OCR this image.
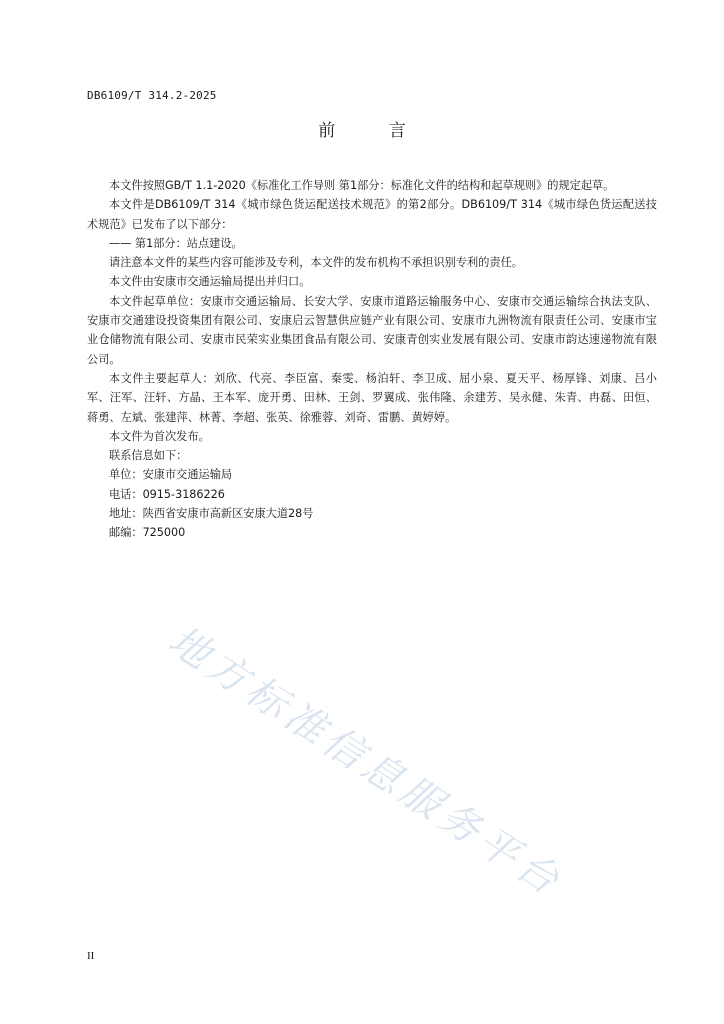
DB6109/T 314.2-2025
前 言

本文件按照GB/T 1.1-2020《标准化工作导则 第1部分：标准化文件的结构和起草规则》的规定起草。

本文件是DB6109/T 314《城市绿色货运配送技术规范》的第2部分。DB6109/T 314《城市绿色货运配送技术规范》已发布了以下部分：

—— 第1部分：站点建设。

请注意本文件的某些内容可能涉及专利，本文件的发布机构不承担识别专利的责任。

本文件由安康市交通运输局提出并归口。

本文件起草单位：安康市交通运输局、长安大学、安康市道路运输服务中心、安康市交通运输综合执法支队、安康市交通建设投资集团有限公司、安康启云智慧供应链产业有限公司、安康市九洲物流有限责任公司、安康市宝业仓储物流有限公司、安康市民荣实业集团食品有限公司、安康青创实业发展有限公司、安康市韵达速递物流有限公司。

本文件主要起草人：刘欣、代亮、李臣富、秦雯、杨泊轩、李卫成、屈小泉、夏天平、杨厚锋、刘康、吕小军、汪军、汪轩、方晶、王本军、庞开勇、田林、王剑、罗翼成、张伟隆、余建芳、吴永健、朱青、冉磊、田恒、蒋勇、左斌、张建萍、林菁、李超、张英、徐雅蓉、刘奇、雷鹏、黄婷婷。

本文件为首次发布。

联系信息如下：

单位：安康市交通运输局

电话：0915-3186226

地址：陕西省安康市高新区安康大道28号

邮编：725000

地方标准信息服务平台
II
